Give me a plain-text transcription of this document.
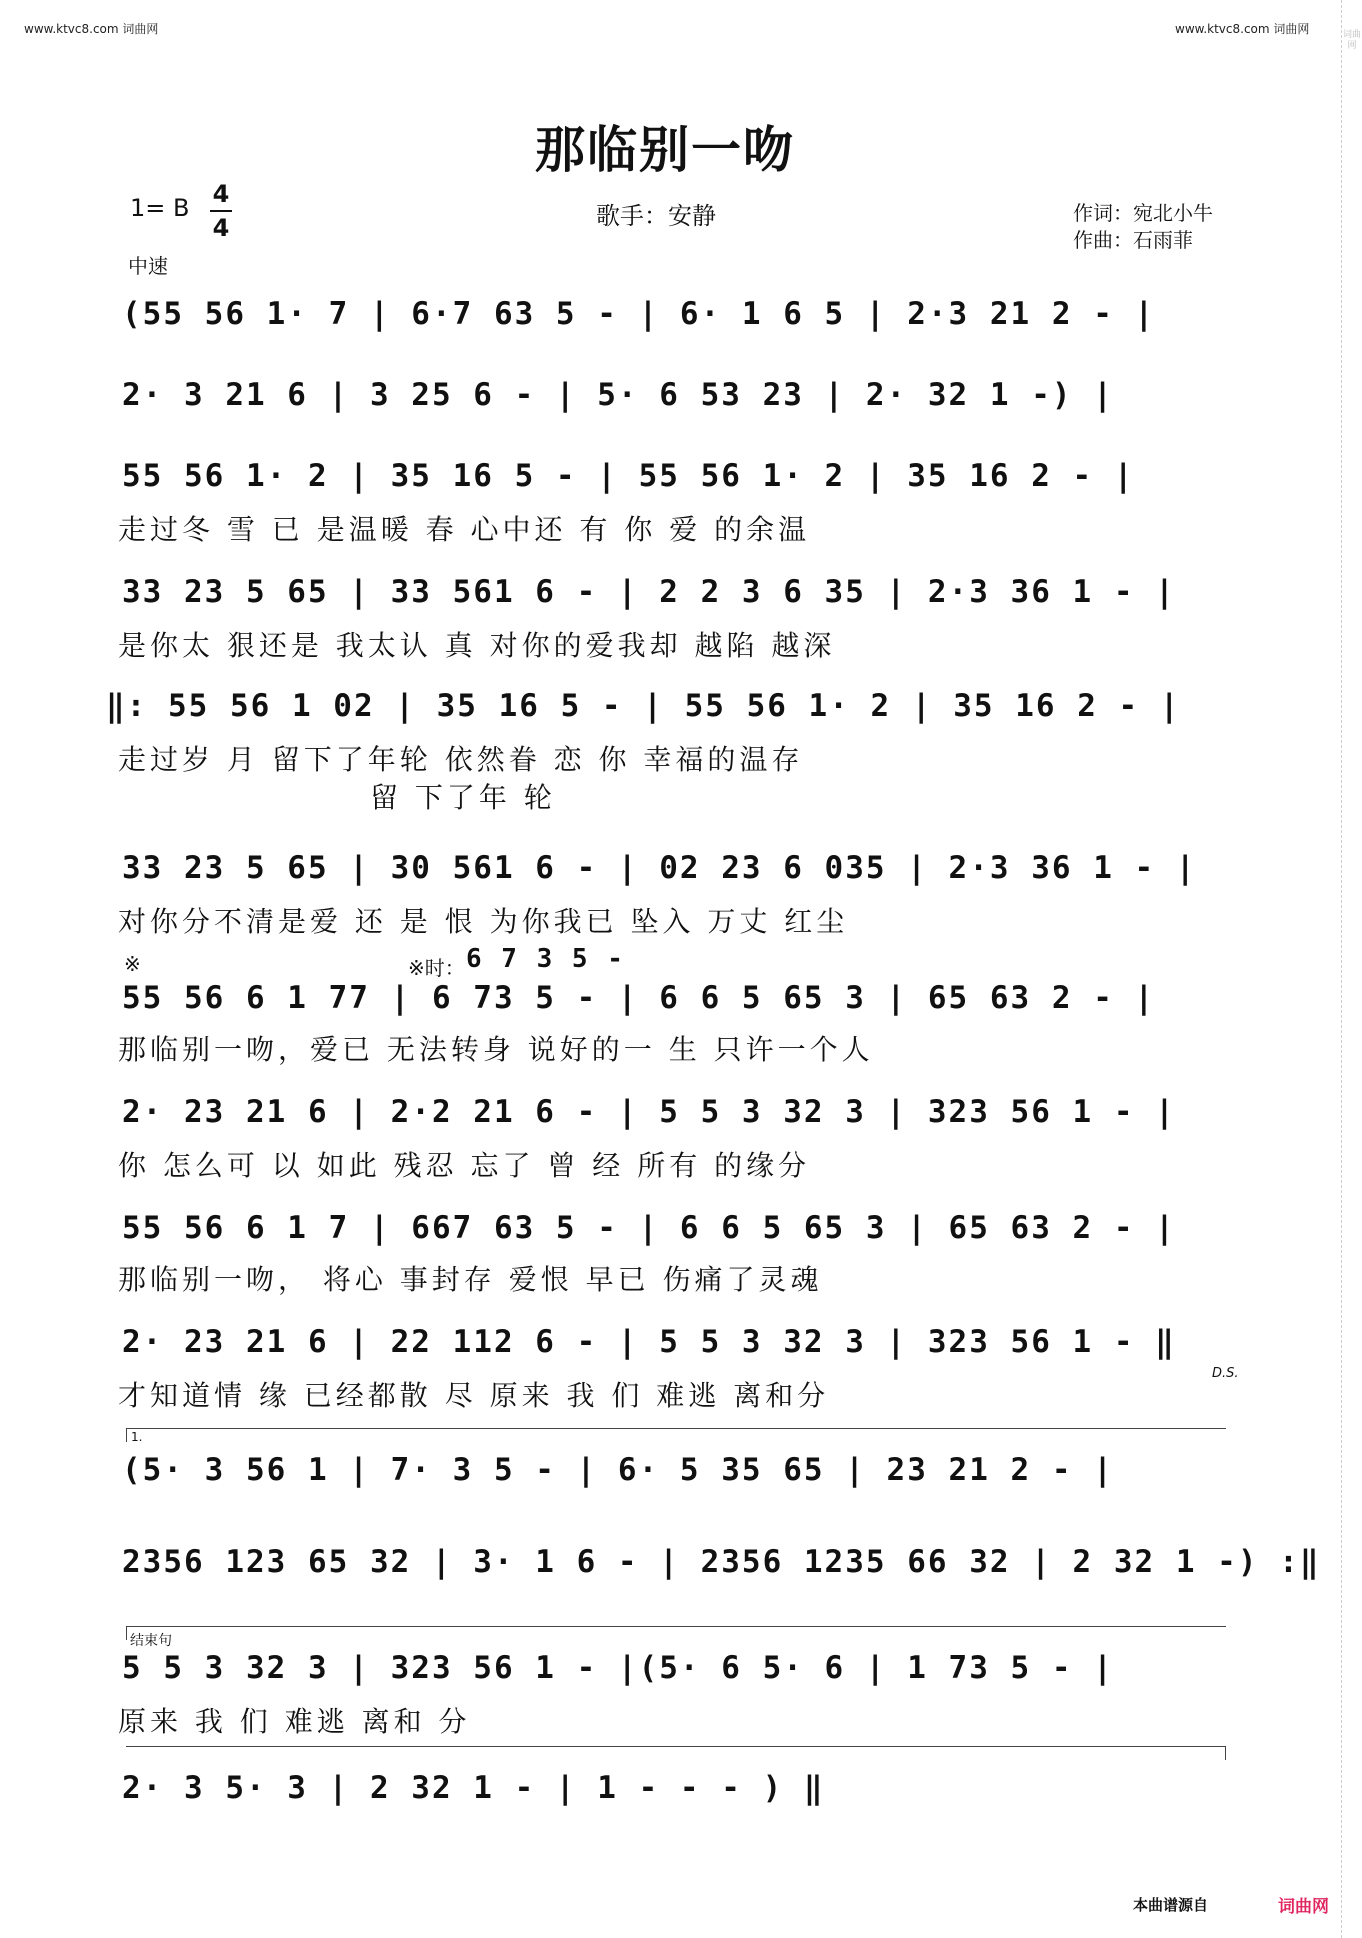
www.ktvc8.com 词曲网	www.ktvc8.com 词曲网	词曲网
那临别一吻
1= B 4
4
中速
歌手：安静	作词：宛北小牛
作曲：石雨菲
(55 56 1· 7 | 6·7 63 5 - | 6· 1 6 5 | 2·3 21 2 - |
2· 3 21 6 | 3 25 6 - | 5· 6 53 23 | 2· 32 1 -) |
55 56 1· 2 | 35 16 5 - | 55 56 1· 2 | 35 16 2 - |
走过冬 雪 已 是温暖 春 心中还 有 你 爱 的余温
33 23 5 65 | 33 561 6 - | 2 2 3 6 35 | 2·3 36 1 - |
是你太 狠还是 我太认 真 对你的爱我却 越陷 越深
‖: 55 56 1 02 | 35 16 5 - | 55 56 1· 2 | 35 16 2 - |
走过岁 月 留下了年轮 依然眷 恋 你 幸福的温存
留 下了年 轮
33 23 5 65 | 30 561 6 - | 02 23 6 035 | 2·3 36 1 - |
对你分不清是爱 还 是 恨 为你我已 坠入 万丈 红尘
※	※时： 6 7 3 5 -
55 56 6 1 77 | 6 73 5 - | 6 6 5 65 3 | 65 63 2 - |
那临别一吻，爱已 无法转身 说好的一 生 只许一个人
2· 23 21 6 | 2·2 21 6 - | 5 5 3 32 3 | 323 56 1 - |
你 怎么可 以 如此 残忍 忘了 曾 经 所有 的缘分
55 56 6 1 7 | 667 63 5 - | 6 6 5 65 3 | 65 63 2 - |
那临别一吻， 将心 事封存 爱恨 早已 伤痛了灵魂
2· 23 21 6 | 22 112 6 - | 5 5 3 32 3 | 323 56 1 - ‖
才知道情 缘 已经都散 尽 原来 我 们 难逃 离和分
D.S.
1.
(5· 3 56 1 | 7· 3 5 - | 6· 5 35 65 | 23 21 2 - |
2356 123 65 32 | 3· 1 6 - | 2356 1235 66 32 | 2 32 1 -) :‖
结束句
5 5 3 32 3 | 323 56 1 - |(5· 6 5· 6 | 1 73 5 - |
原来 我 们 难逃 离和 分
2· 3 5· 3 | 2 32 1 - | 1 - - - ) ‖
本曲谱源自	词曲网
